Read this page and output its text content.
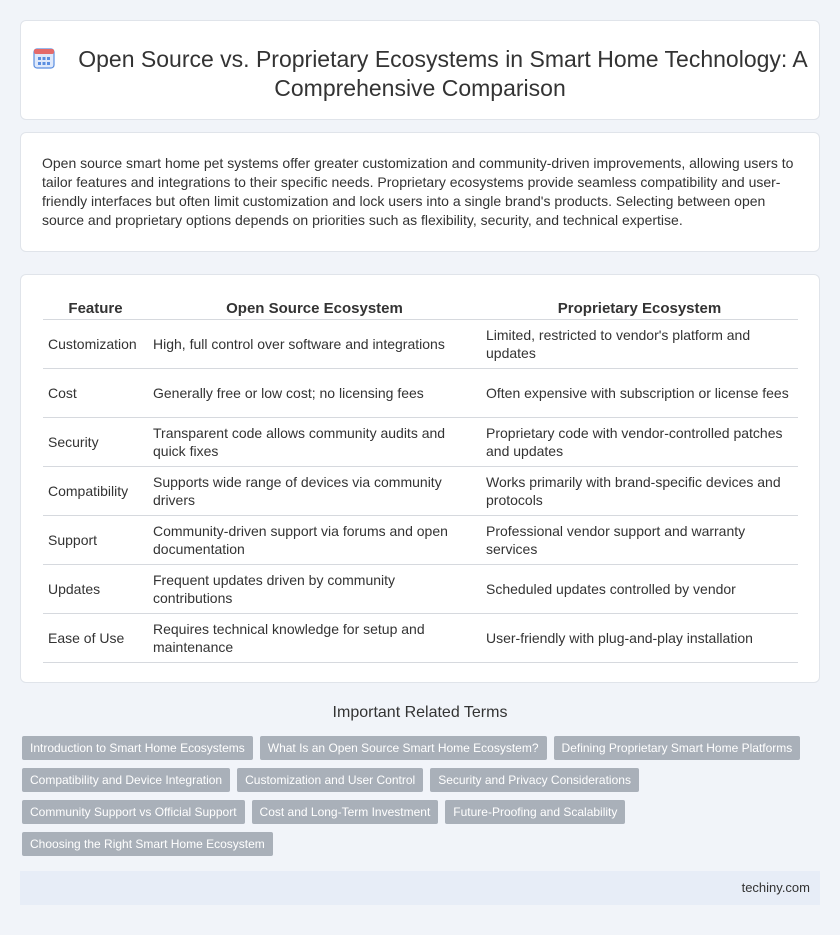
Open Source vs. Proprietary Ecosystems in Smart Home Technology: A Comprehensive Comparison

Open source smart home pet systems offer greater customization and community-driven improvements, allowing users to tailor features and integrations to their specific needs. Proprietary ecosystems provide seamless compatibility and user-friendly interfaces but often limit customization and lock users into a single brand's products. Selecting between open source and proprietary options depends on priorities such as flexibility, security, and technical expertise.

Feature	Open Source Ecosystem	Proprietary Ecosystem
Customization	High, full control over software and integrations	Limited, restricted to vendor's platform and updates
Cost	Generally free or low cost; no licensing fees	Often expensive with subscription or license fees
Security	Transparent code allows community audits and quick fixes	Proprietary code with vendor-controlled patches and updates
Compatibility	Supports wide range of devices via community drivers	Works primarily with brand-specific devices and protocols
Support	Community-driven support via forums and open documentation	Professional vendor support and warranty services
Updates	Frequent updates driven by community contributions	Scheduled updates controlled by vendor
Ease of Use	Requires technical knowledge for setup and maintenance	User-friendly with plug-and-play installation
Important Related Terms
Introduction to Smart Home Ecosystems	What Is an Open Source Smart Home Ecosystem?	Defining Proprietary Smart Home Platforms
Compatibility and Device Integration	Customization and User Control	Security and Privacy Considerations
Community Support vs Official Support	Cost and Long-Term Investment	Future-Proofing and Scalability
Choosing the Right Smart Home Ecosystem
techiny.com
